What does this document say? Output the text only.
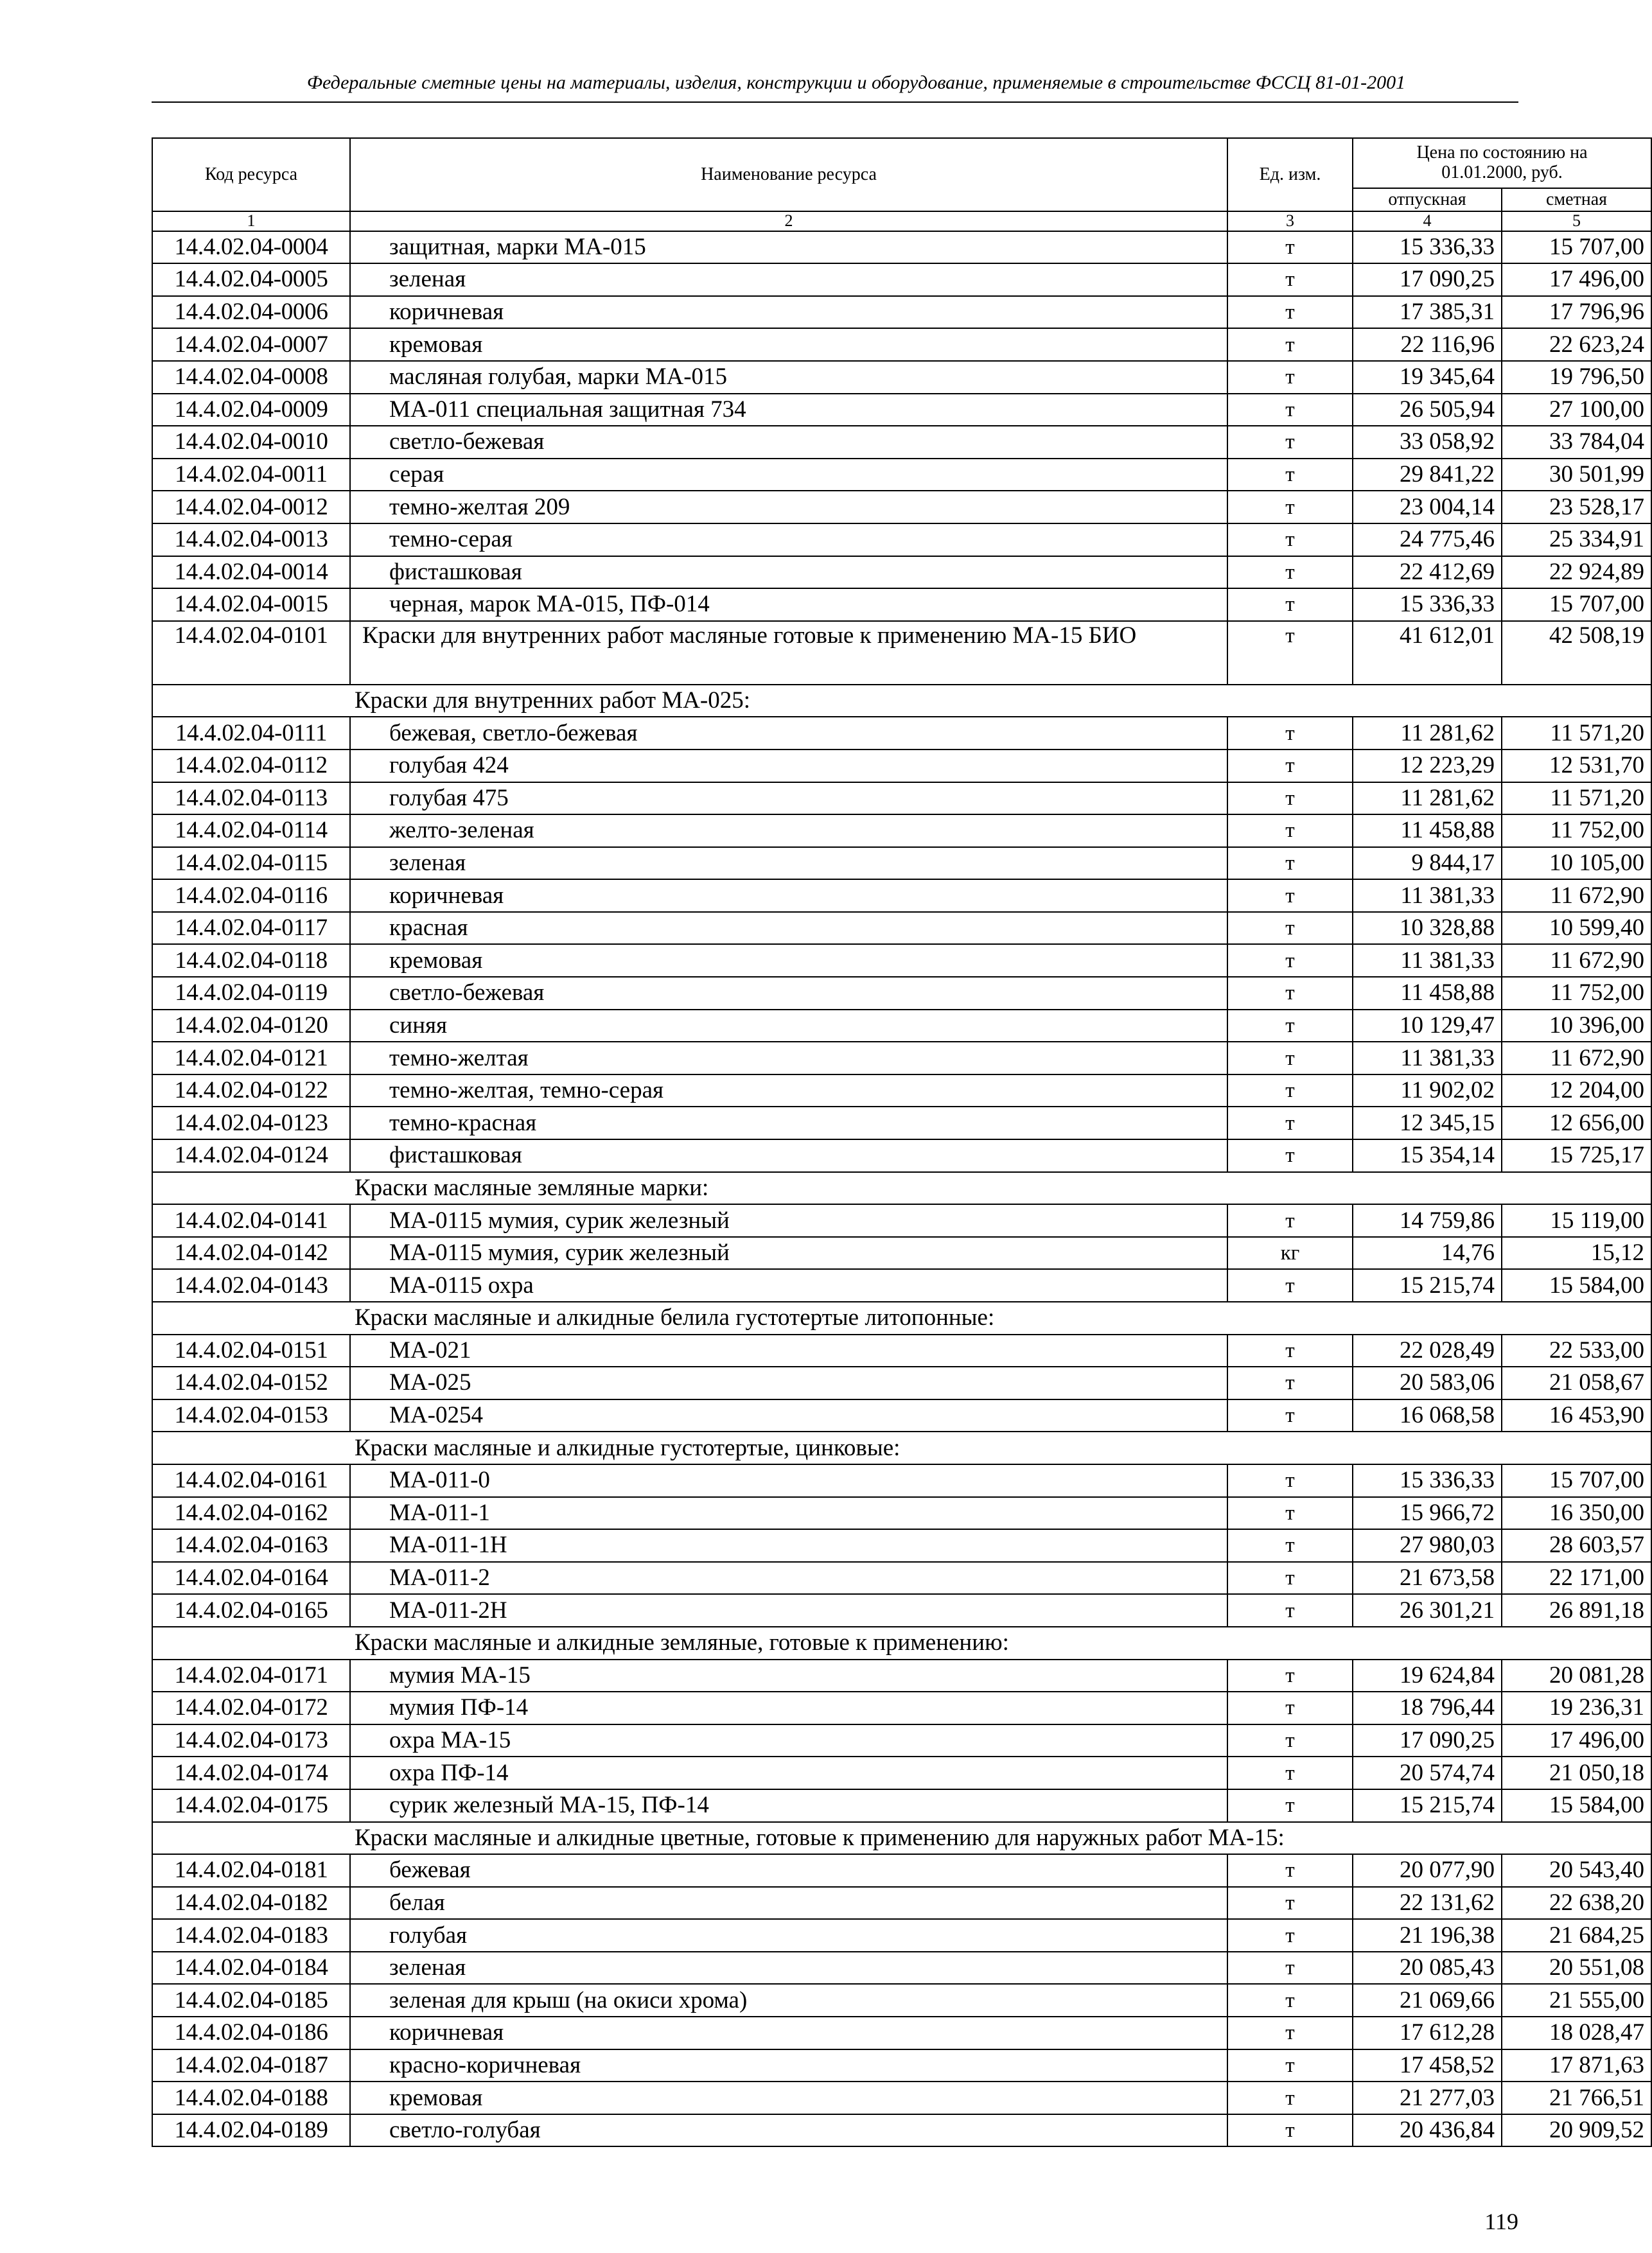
Федеральные сметные цены на материалы, изделия, конструкции и оборудование, применяемые в строительстве ФССЦ 81-01-2001
Код ресурса	Наименование ресурса	Ед. изм.	Цена по состоянию на 01.01.2000, руб.	
			отпускная	сметная
1	2	3	4	5
14.4.02.04-0004	защитная, марки МА-015	т	15 336,33	15 707,00
14.4.02.04-0005	зеленая	т	17 090,25	17 496,00
14.4.02.04-0006	коричневая	т	17 385,31	17 796,96
14.4.02.04-0007	кремовая	т	22 116,96	22 623,24
14.4.02.04-0008	масляная голубая, марки МА-015	т	19 345,64	19 796,50
14.4.02.04-0009	МА-011 специальная защитная 734	т	26 505,94	27 100,00
14.4.02.04-0010	светло-бежевая	т	33 058,92	33 784,04
14.4.02.04-0011	серая	т	29 841,22	30 501,99
14.4.02.04-0012	темно-желтая 209	т	23 004,14	23 528,17
14.4.02.04-0013	темно-серая	т	24 775,46	25 334,91
14.4.02.04-0014	фисташковая	т	22 412,69	22 924,89
14.4.02.04-0015	черная, марок МА-015, ПФ-014	т	15 336,33	15 707,00
14.4.02.04-0101	Краски для внутренних работ масляные готовые к применению МА-15 БИО	т	41 612,01	42 508,19
Краски для внутренних работ МА-025:				
14.4.02.04-0111	бежевая, светло-бежевая	т	11 281,62	11 571,20
14.4.02.04-0112	голубая 424	т	12 223,29	12 531,70
14.4.02.04-0113	голубая 475	т	11 281,62	11 571,20
14.4.02.04-0114	желто-зеленая	т	11 458,88	11 752,00
14.4.02.04-0115	зеленая	т	9 844,17	10 105,00
14.4.02.04-0116	коричневая	т	11 381,33	11 672,90
14.4.02.04-0117	красная	т	10 328,88	10 599,40
14.4.02.04-0118	кремовая	т	11 381,33	11 672,90
14.4.02.04-0119	светло-бежевая	т	11 458,88	11 752,00
14.4.02.04-0120	синяя	т	10 129,47	10 396,00
14.4.02.04-0121	темно-желтая	т	11 381,33	11 672,90
14.4.02.04-0122	темно-желтая, темно-серая	т	11 902,02	12 204,00
14.4.02.04-0123	темно-красная	т	12 345,15	12 656,00
14.4.02.04-0124	фисташковая	т	15 354,14	15 725,17
Краски масляные земляные марки:				
14.4.02.04-0141	МА-0115 мумия, сурик железный	т	14 759,86	15 119,00
14.4.02.04-0142	МА-0115 мумия, сурик железный	кг	14,76	15,12
14.4.02.04-0143	МА-0115 охра	т	15 215,74	15 584,00
Краски масляные и алкидные белила густотертые литопонные:				
14.4.02.04-0151	МА-021	т	22 028,49	22 533,00
14.4.02.04-0152	МА-025	т	20 583,06	21 058,67
14.4.02.04-0153	МА-0254	т	16 068,58	16 453,90
Краски масляные и алкидные густотертые, цинковые:				
14.4.02.04-0161	МА-011-0	т	15 336,33	15 707,00
14.4.02.04-0162	МА-011-1	т	15 966,72	16 350,00
14.4.02.04-0163	МА-011-1Н	т	27 980,03	28 603,57
14.4.02.04-0164	МА-011-2	т	21 673,58	22 171,00
14.4.02.04-0165	МА-011-2Н	т	26 301,21	26 891,18
Краски масляные и алкидные земляные, готовые к применению:				
14.4.02.04-0171	мумия МА-15	т	19 624,84	20 081,28
14.4.02.04-0172	мумия ПФ-14	т	18 796,44	19 236,31
14.4.02.04-0173	охра МА-15	т	17 090,25	17 496,00
14.4.02.04-0174	охра ПФ-14	т	20 574,74	21 050,18
14.4.02.04-0175	сурик железный МА-15, ПФ-14	т	15 215,74	15 584,00
Краски масляные и алкидные цветные, готовые к применению для наружных работ МА-15:				
14.4.02.04-0181	бежевая	т	20 077,90	20 543,40
14.4.02.04-0182	белая	т	22 131,62	22 638,20
14.4.02.04-0183	голубая	т	21 196,38	21 684,25
14.4.02.04-0184	зеленая	т	20 085,43	20 551,08
14.4.02.04-0185	зеленая для крыш (на окиси хрома)	т	21 069,66	21 555,00
14.4.02.04-0186	коричневая	т	17 612,28	18 028,47
14.4.02.04-0187	красно-коричневая	т	17 458,52	17 871,63
14.4.02.04-0188	кремовая	т	21 277,03	21 766,51
14.4.02.04-0189	светло-голубая	т	20 436,84	20 909,52
119
